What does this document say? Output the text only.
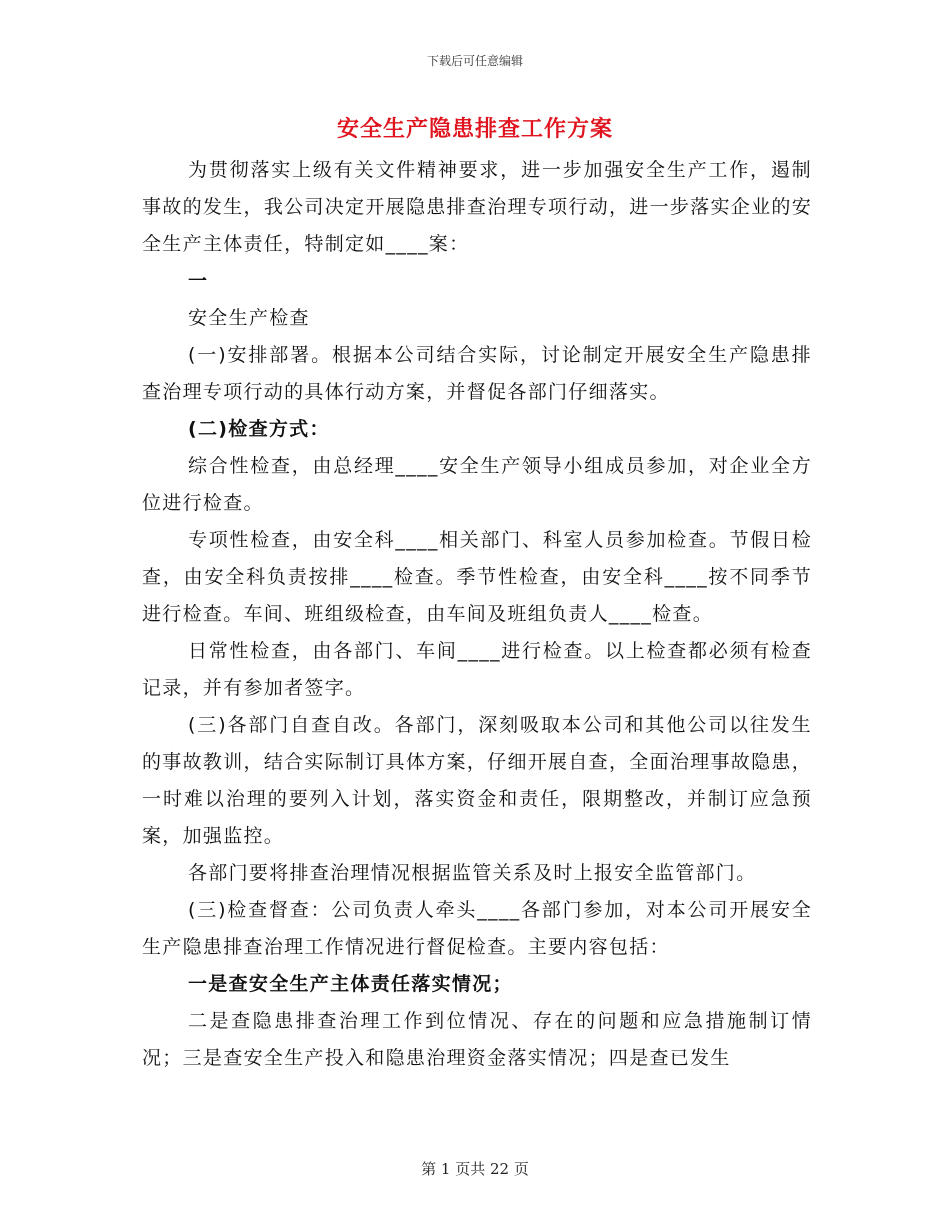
下载后可任意编辑
安全生产隐患排查工作方案

为贯彻落实上级有关文件精神要求，进一步加强安全生产工作，遏制事故的发生，我公司决定开展隐患排查治理专项行动，进一步落实企业的安全生产主体责任，特制定如____案：

一

安全生产检查

(一)安排部署。根据本公司结合实际，讨论制定开展安全生产隐患排查治理专项行动的具体行动方案，并督促各部门仔细落实。

(二)检查方式：

综合性检查，由总经理____安全生产领导小组成员参加，对企业全方位进行检查。

专项性检查，由安全科____相关部门、科室人员参加检查。节假日检查，由安全科负责按排____检查。季节性检查，由安全科____按不同季节进行检查。车间、班组级检查，由车间及班组负责人____检查。

日常性检查，由各部门、车间____进行检查。以上检查都必须有检查记录，并有参加者签字。

(三)各部门自查自改。各部门，深刻吸取本公司和其他公司以往发生的事故教训，结合实际制订具体方案，仔细开展自查，全面治理事故隐患，一时难以治理的要列入计划，落实资金和责任，限期整改，并制订应急预案，加强监控。

各部门要将排查治理情况根据监管关系及时上报安全监管部门。

(三)检查督查：公司负责人牵头____各部门参加，对本公司开展安全生产隐患排查治理工作情况进行督促检查。主要内容包括：

一是查安全生产主体责任落实情况；

二是查隐患排查治理工作到位情况、存在的问题和应急措施制订情况；三是查安全生产投入和隐患治理资金落实情况；四是查已发生

第 1 页共 22 页
